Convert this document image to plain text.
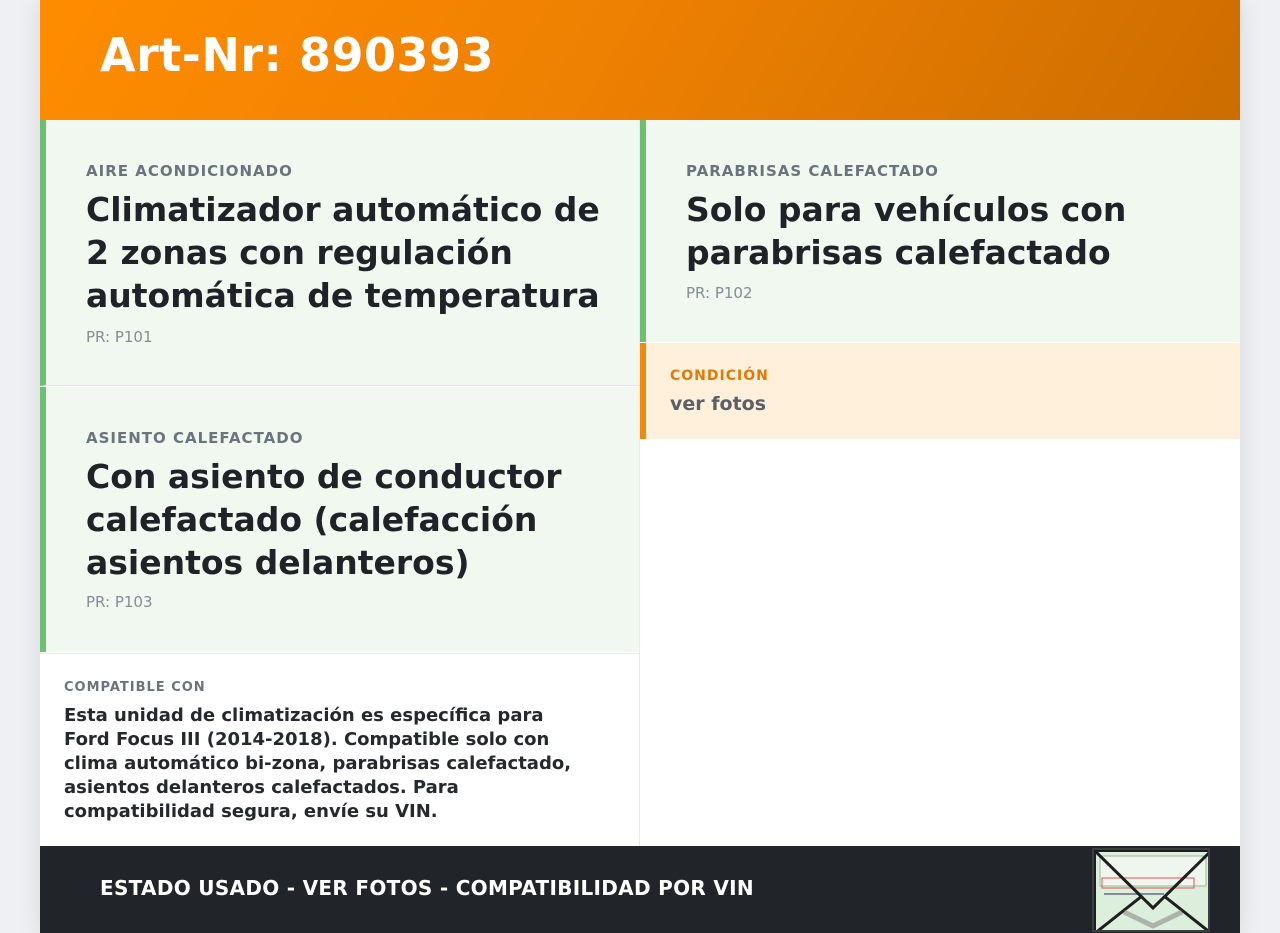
Art-Nr: 890393
AIRE ACONDICIONADO
Climatizador automático de 2 zonas con regulación automática de temperatura
PR: P101
ASIENTO CALEFACTADO
Con asiento de conductor calefactado (calefacción asientos delanteros)
PR: P103
PARABRISAS CALEFACTADO
Solo para vehículos con parabrisas calefactado
PR: P102
CONDICIÓN
ver fotos
COMPATIBLE CON
Esta unidad de climatización es específica para Ford Focus III (2014-2018). Compatible solo con clima automático bi-zona, parabrisas calefactado, asientos delanteros calefactados. Para compatibilidad segura, envíe su VIN.
ESTADO USADO - VER FOTOS - COMPATIBILIDAD POR VIN
